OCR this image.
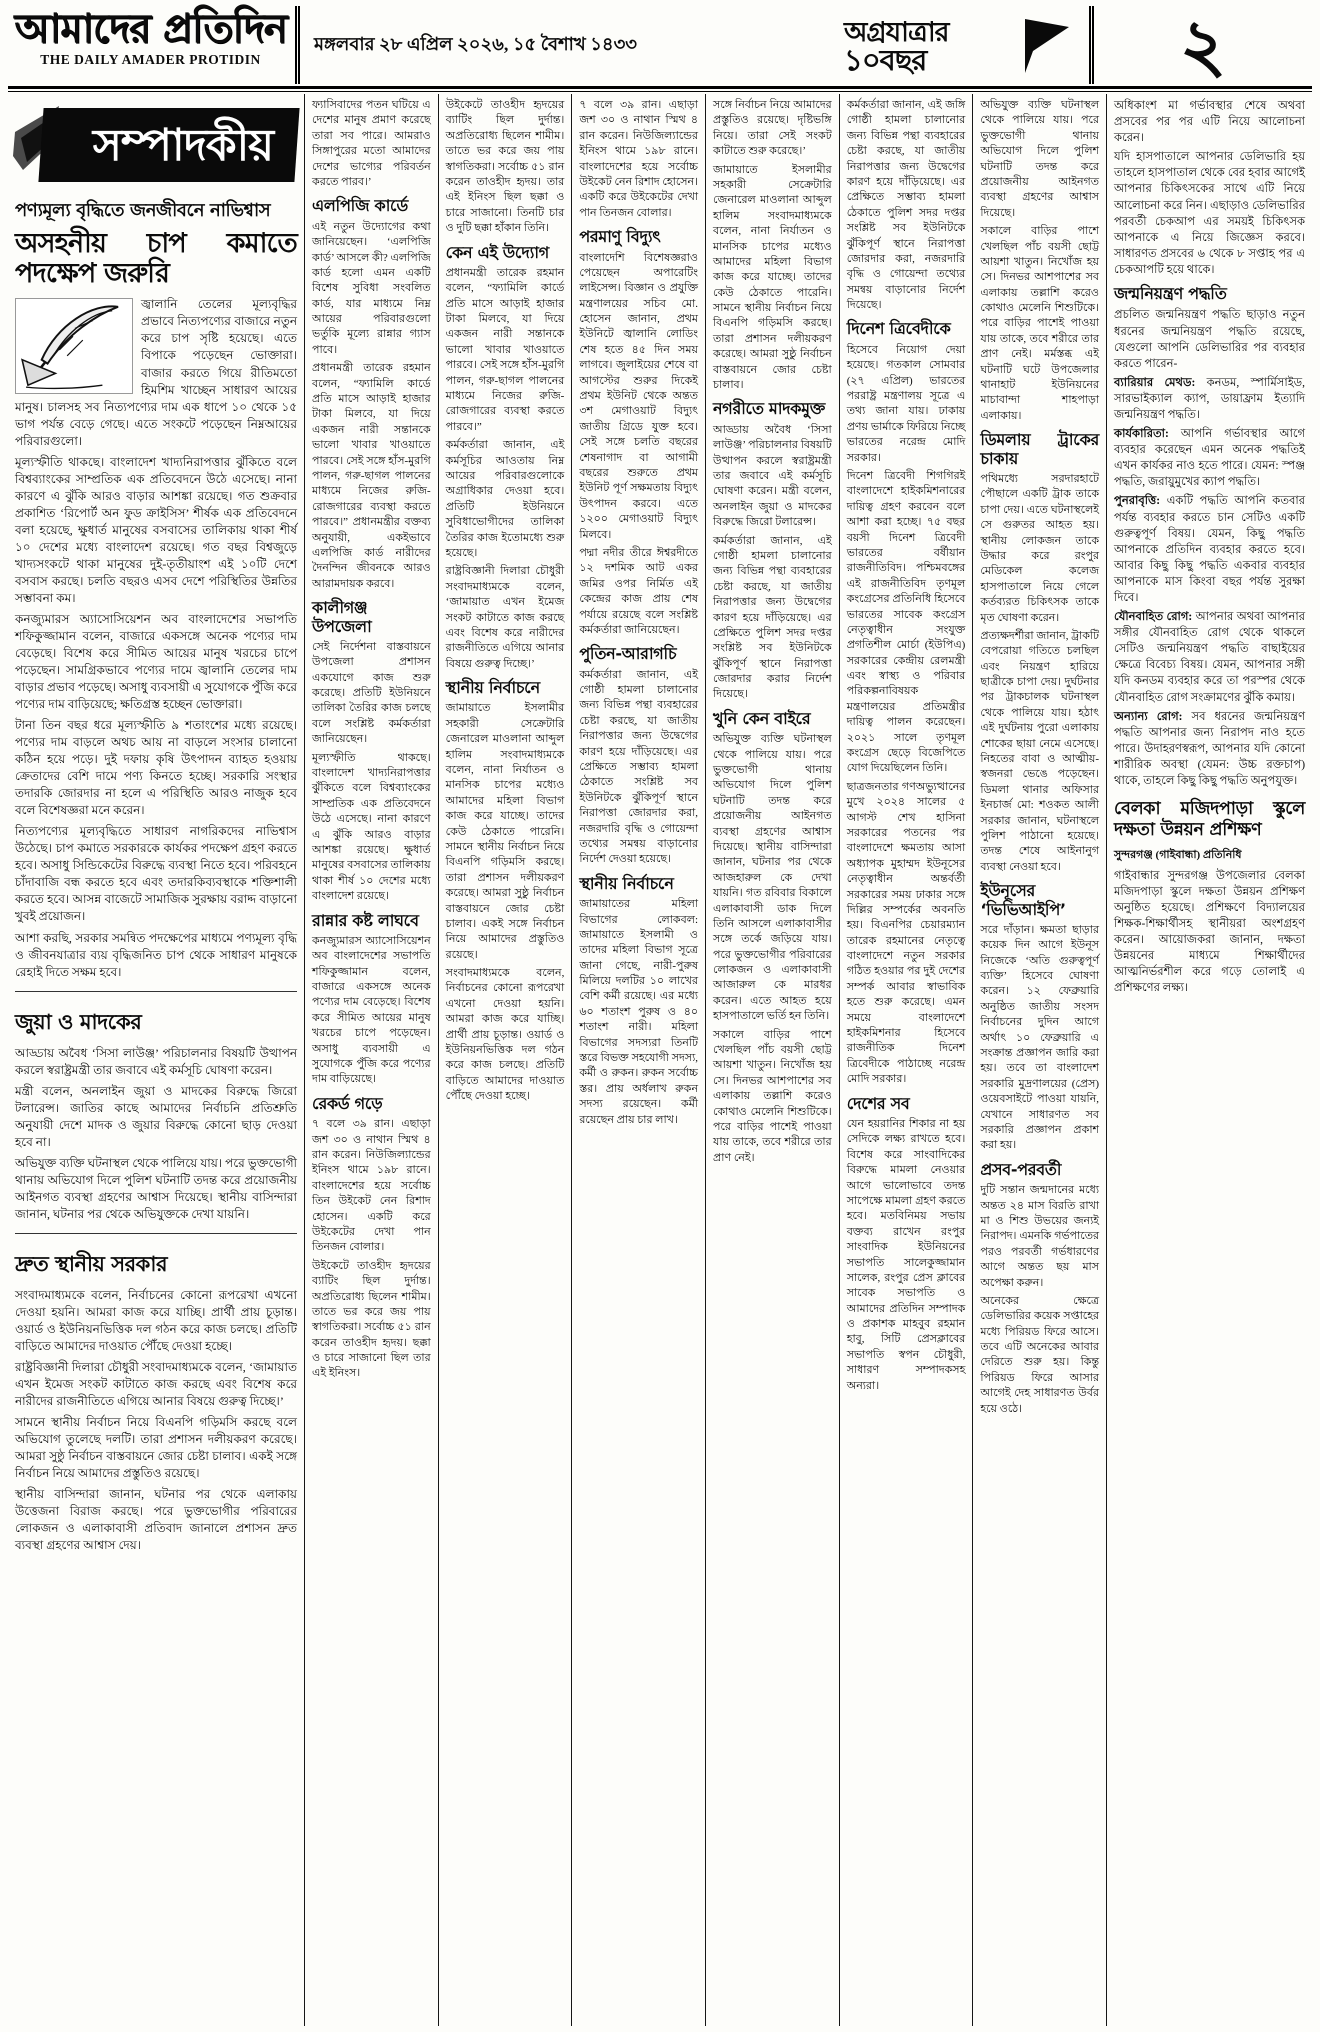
আমাদের প্রতিদিন
THE DAILY AMADER PROTIDIN
মঙ্গলবার ২৮ এপ্রিল ২০২৬, ১৫ বৈশাখ ১৪৩৩	অগ্রযাত্রার
১০বছর	২
সম্পাদকীয়
পণ্যমূল্য বৃদ্ধিতে জনজীবনে নাভিশ্বাস
অসহনীয় চাপ কমাতে পদক্ষেপ জরুরি

জ্বালানি তেলের মূল্যবৃদ্ধির প্রভাবে নিত্যপণ্যের বাজারে নতুন করে চাপ সৃষ্টি হয়েছে। এতে বিপাকে পড়েছেন ভোক্তারা। বাজার করতে গিয়ে রীতিমতো হিমশিম খাচ্ছেন সাধারণ আয়ের মানুষ। চালসহ সব নিত্যপণ্যের দাম এক ধাপে ১০ থেকে ১৫ ভাগ পর্যন্ত বেড়ে গেছে। এতে সংকটে পড়েছেন নিম্নআয়ের পরিবারগুলো।

মূল্যস্ফীতি থাকছে। বাংলাদেশ খাদ্যনিরাপত্তার ঝুঁকিতে বলে বিশ্বব্যাংকের সাম্প্রতিক এক প্রতিবেদনে উঠে এসেছে। নানা কারণে এ ঝুঁকি আরও বাড়ার আশঙ্কা রয়েছে। গত শুক্রবার প্রকাশিত ‘রিপোর্ট অন ফুড ক্রাইসিস’ শীর্ষক এক প্রতিবেদনে বলা হয়েছে, ক্ষুধার্ত মানুষের বসবাসের তালিকায় থাকা শীর্ষ ১০ দেশের মধ্যে বাংলাদেশ রয়েছে। গত বছর বিশ্বজুড়ে খাদ্যসংকটে থাকা মানুষের দুই-তৃতীয়াংশ এই ১০টি দেশে বসবাস করছে। চলতি বছরও এসব দেশে পরিস্থিতির উন্নতির সম্ভাবনা কম।

কনজ্যুমারস অ্যাসোসিয়েশন অব বাংলাদেশের সভাপতি শফিকুজ্জামান বলেন, বাজারে একসঙ্গে অনেক পণ্যের দাম বেড়েছে। বিশেষ করে সীমিত আয়ের মানুষ খরচের চাপে পড়েছেন। সামগ্রিকভাবে পণ্যের দামে জ্বালানি তেলের দাম বাড়ার প্রভাব পড়েছে। অসাধু ব্যবসায়ী এ সুযোগকে পুঁজি করে পণ্যের দাম বাড়িয়েছে; ক্ষতিগ্রস্ত হচ্ছেন ভোক্তারা।

টানা তিন বছর ধরে মূল্যস্ফীতি ৯ শতাংশের মধ্যে রয়েছে। পণ্যের দাম বাড়লে অথচ আয় না বাড়লে সংসার চালানো কঠিন হয়ে পড়ে। দুই দফায় কৃষি উৎপাদন ব্যাহত হওয়ায় ক্রেতাদের বেশি দামে পণ্য কিনতে হচ্ছে। সরকারি সংস্থার তদারকি জোরদার না হলে এ পরিস্থিতি আরও নাজুক হবে বলে বিশেষজ্ঞরা মনে করেন।

নিত্যপণ্যের মূল্যবৃদ্ধিতে সাধারণ নাগরিকদের নাভিশ্বাস উঠেছে। চাপ কমাতে সরকারকে কার্যকর পদক্ষেপ গ্রহণ করতে হবে। অসাধু সিন্ডিকেটের বিরুদ্ধে ব্যবস্থা নিতে হবে। পরিবহনে চাঁদাবাজি বন্ধ করতে হবে এবং তদারকিব্যবস্থাকে শক্তিশালী করতে হবে। আসন্ন বাজেটে সামাজিক সুরক্ষায় বরাদ্দ বাড়ানো খুবই প্রয়োজন।

আশা করছি, সরকার সমন্বিত পদক্ষেপের মাধ্যমে পণ্যমূল্য বৃদ্ধি ও জীবনযাত্রার ব্যয় বৃদ্ধিজনিত চাপ থেকে সাধারণ মানুষকে রেহাই দিতে সক্ষম হবে।

জুয়া ও মাদকের

আড্ডায় অবৈধ ‘সিসা লাউঞ্জ’ পরিচালনার বিষয়টি উত্থাপন করলে স্বরাষ্ট্রমন্ত্রী তার জবাবে এই কর্মসূচি ঘোষণা করেন।

মন্ত্রী বলেন, অনলাইন জুয়া ও মাদকের বিরুদ্ধে জিরো টলারেন্স। জাতির কাছে আমাদের নির্বাচনি প্রতিশ্রুতি অনুযায়ী দেশে মাদক ও জুয়ার বিরুদ্ধে কোনো ছাড় দেওয়া হবে না।

অভিযুক্ত ব্যক্তি ঘটনাস্থল থেকে পালিয়ে যায়। পরে ভুক্তভোগী থানায় অভিযোগ দিলে পুলিশ ঘটনাটি তদন্ত করে প্রয়োজনীয় আইনগত ব্যবস্থা গ্রহণের আশ্বাস দিয়েছে। স্থানীয় বাসিন্দারা জানান, ঘটনার পর থেকে অভিযুক্তকে দেখা যায়নি।

দ্রুত স্থানীয় সরকার

সংবাদমাধ্যমকে বলেন, নির্বাচনের কোনো রূপরেখা এখনো দেওয়া হয়নি। আমরা কাজ করে যাচ্ছি। প্রার্থী প্রায় চূড়ান্ত। ওয়ার্ড ও ইউনিয়নভিত্তিক দল গঠন করে কাজ চলছে। প্রতিটি বাড়িতে আমাদের দাওয়াত পৌঁছে দেওয়া হচ্ছে।

রাষ্ট্রবিজ্ঞানী দিলারা চৌধুরী সংবাদমাধ্যমকে বলেন, ‘জামায়াত এখন ইমেজ সংকট কাটাতে কাজ করছে এবং বিশেষ করে নারীদের রাজনীতিতে এগিয়ে আনার বিষয়ে গুরুত্ব দিচ্ছে।’

সামনে স্থানীয় নির্বাচন নিয়ে বিএনপি গড়িমসি করছে বলে অভিযোগ তুলেছে দলটি। তারা প্রশাসন দলীয়করণ করেছে। আমরা সুষ্ঠু নির্বাচন বাস্তবায়নে জোর চেষ্টা চালাব। একই সঙ্গে নির্বাচন নিয়ে আমাদের প্রস্তুতিও রয়েছে।

স্থানীয় বাসিন্দারা জানান, ঘটনার পর থেকে এলাকায় উত্তেজনা বিরাজ করছে। পরে ভুক্তভোগীর পরিবারের লোকজন ও এলাকাবাসী প্রতিবাদ জানালে প্রশাসন দ্রুত ব্যবস্থা গ্রহণের আশ্বাস দেয়।

ফ্যাসিবাদের পতন ঘটিয়ে এ দেশের মানুষ প্রমাণ করেছে তারা সব পারে। আমরাও সিঙ্গাপুরের মতো আমাদের দেশের ভাগ্যের পরিবর্তন করতে পারব।’

এলপিজি কার্ডে

এই নতুন উদ্যোগের কথা জানিয়েছেন। ‘এলপিজি কার্ড’ আসলে কী? এলপিজি কার্ড হলো এমন একটি বিশেষ সুবিধা সংবলিত কার্ড, যার মাধ্যমে নিম্ন আয়ের পরিবারগুলো ভর্তুকি মূল্যে রান্নার গ্যাস পাবে।

প্রধানমন্ত্রী তারেক রহমান বলেন, “ফ্যামিলি কার্ডে প্রতি মাসে আড়াই হাজার টাকা মিলবে, যা দিয়ে একজন নারী সন্তানকে ভালো খাবার খাওয়াতে পারবে। সেই সঙ্গে হাঁস-মুরগি পালন, গরু-ছাগল পালনের মাধ্যমে নিজের রুজি-রোজগারের ব্যবস্থা করতে পারবে।” প্রধানমন্ত্রীর বক্তব্য অনুযায়ী, একইভাবে এলপিজি কার্ড নারীদের দৈনন্দিন জীবনকে আরও আরামদায়ক করবে।

কালীগঞ্জ উপজেলা

সেই নির্দেশনা বাস্তবায়নে উপজেলা প্রশাসন একযোগে কাজ শুরু করেছে। প্রতিটি ইউনিয়নে তালিকা তৈরির কাজ চলছে বলে সংশ্লিষ্ট কর্মকর্তারা জানিয়েছেন।

মূল্যস্ফীতি থাকছে। বাংলাদেশ খাদ্যনিরাপত্তার ঝুঁকিতে বলে বিশ্বব্যাংকের সাম্প্রতিক এক প্রতিবেদনে উঠে এসেছে। নানা কারণে এ ঝুঁকি আরও বাড়ার আশঙ্কা রয়েছে। ক্ষুধার্ত মানুষের বসবাসের তালিকায় থাকা শীর্ষ ১০ দেশের মধ্যে বাংলাদেশ রয়েছে।

রান্নার কষ্ট লাঘবে

কনজ্যুমারস অ্যাসোসিয়েশন অব বাংলাদেশের সভাপতি শফিকুজ্জামান বলেন, বাজারে একসঙ্গে অনেক পণ্যের দাম বেড়েছে। বিশেষ করে সীমিত আয়ের মানুষ খরচের চাপে পড়েছেন। অসাধু ব্যবসায়ী এ সুযোগকে পুঁজি করে পণ্যের দাম বাড়িয়েছে।

রেকর্ড গড়ে

৭ বলে ৩৯ রান। এছাড়া জশ ৩০ ও নাথান স্মিথ ৪ রান করেন। নিউজিল্যান্ডের ইনিংস থামে ১৯৮ রানে। বাংলাদেশের হয়ে সর্বোচ্চ তিন উইকেট নেন রিশাদ হোসেন। একটি করে উইকেটের দেখা পান তিনজন বোলার।

উইকেটে তাওহীদ হৃদয়ের ব্যাটিং ছিল দুর্দান্ত। অপ্রতিরোধ্য ছিলেন শামীম। তাতে ভর করে জয় পায় স্বাগতিকরা। সর্বোচ্চ ৫১ রান করেন তাওহীদ হৃদয়। ছক্কা ও চারে সাজানো ছিল তার এই ইনিংস।

উইকেটে তাওহীদ হৃদয়ের ব্যাটিং ছিল দুর্দান্ত। অপ্রতিরোধ্য ছিলেন শামীম। তাতে ভর করে জয় পায় স্বাগতিকরা। সর্বোচ্চ ৫১ রান করেন তাওহীদ হৃদয়। তার এই ইনিংস ছিল ছক্কা ও চারে সাজানো। তিনটি চার ও দুটি ছক্কা হাঁকান তিনি।

কেন এই উদ্যোগ

প্রধানমন্ত্রী তারেক রহমান বলেন, “ফ্যামিলি কার্ডে প্রতি মাসে আড়াই হাজার টাকা মিলবে, যা দিয়ে একজন নারী সন্তানকে ভালো খাবার খাওয়াতে পারবে। সেই সঙ্গে হাঁস-মুরগি পালন, গরু-ছাগল পালনের মাধ্যমে নিজের রুজি-রোজগারের ব্যবস্থা করতে পারবে।”

কর্মকর্তারা জানান, এই কর্মসূচির আওতায় নিম্ন আয়ের পরিবারগুলোকে অগ্রাধিকার দেওয়া হবে। প্রতিটি ইউনিয়নে সুবিধাভোগীদের তালিকা তৈরির কাজ ইতোমধ্যে শুরু হয়েছে।

রাষ্ট্রবিজ্ঞানী দিলারা চৌধুরী সংবাদমাধ্যমকে বলেন, ‘জামায়াত এখন ইমেজ সংকট কাটাতে কাজ করছে এবং বিশেষ করে নারীদের রাজনীতিতে এগিয়ে আনার বিষয়ে গুরুত্ব দিচ্ছে।’

স্থানীয় নির্বাচনে

জামায়াতে ইসলামীর সহকারী সেক্রেটারি জেনারেল মাওলানা আব্দুল হালিম সংবাদমাধ্যমকে বলেন, নানা নির্যাতন ও মানসিক চাপের মধ্যেও আমাদের মহিলা বিভাগ কাজ করে যাচ্ছে। তাদের কেউ ঠেকাতে পারেনি। সামনে স্থানীয় নির্বাচন নিয়ে বিএনপি গড়িমসি করছে। তারা প্রশাসন দলীয়করণ করেছে। আমরা সুষ্ঠু নির্বাচন বাস্তবায়নে জোর চেষ্টা চালাব। একই সঙ্গে নির্বাচন নিয়ে আমাদের প্রস্তুতিও রয়েছে।

সংবাদমাধ্যমকে বলেন, নির্বাচনের কোনো রূপরেখা এখনো দেওয়া হয়নি। আমরা কাজ করে যাচ্ছি। প্রার্থী প্রায় চূড়ান্ত। ওয়ার্ড ও ইউনিয়নভিত্তিক দল গঠন করে কাজ চলছে। প্রতিটি বাড়িতে আমাদের দাওয়াত পৌঁছে দেওয়া হচ্ছে।

৭ বলে ৩৯ রান। এছাড়া জশ ৩০ ও নাথান স্মিথ ৪ রান করেন। নিউজিল্যান্ডের ইনিংস থামে ১৯৮ রানে। বাংলাদেশের হয়ে সর্বোচ্চ উইকেট নেন রিশাদ হোসেন। একটি করে উইকেটের দেখা পান তিনজন বোলার।

পরমাণু বিদ্যুৎ

বাংলাদেশি বিশেষজ্ঞরাও পেয়েছেন অপারেটিং লাইসেন্স। বিজ্ঞান ও প্রযুক্তি মন্ত্রণালয়ের সচিব মো. হোসেন জানান, প্রথম ইউনিটে জ্বালানি লোডিং শেষ হতে ৪৫ দিন সময় লাগবে। জুলাইয়ের শেষে বা আগস্টের শুরুর দিকেই প্রথম ইউনিট থেকে অন্তত ৩শ মেগাওয়াট বিদ্যুৎ জাতীয় গ্রিডে যুক্ত হবে। সেই সঙ্গে চলতি বছরের শেষনাগাদ বা আগামী বছরের শুরুতে প্রথম ইউনিট পূর্ণ সক্ষমতায় বিদ্যুৎ উৎপাদন করবে। এতে ১২০০ মেগাওয়াট বিদ্যুৎ মিলবে।

পদ্মা নদীর তীরে ঈশ্বরদীতে ১২ দশমিক আট একর জমির ওপর নির্মিত এই কেন্দ্রের কাজ প্রায় শেষ পর্যায়ে রয়েছে বলে সংশ্লিষ্ট কর্মকর্তারা জানিয়েছেন।

পুতিন-আরাগচি

কর্মকর্তারা জানান, এই গোষ্ঠী হামলা চালানোর জন্য বিভিন্ন পন্থা ব্যবহারের চেষ্টা করছে, যা জাতীয় নিরাপত্তার জন্য উদ্বেগের কারণ হয়ে দাঁড়িয়েছে। এর প্রেক্ষিতে সম্ভাব্য হামলা ঠেকাতে সংশ্লিষ্ট সব ইউনিটকে ঝুঁকিপূর্ণ স্থানে নিরাপত্তা জোরদার করা, নজরদারি বৃদ্ধি ও গোয়েন্দা তথ্যের সমন্বয় বাড়ানোর নির্দেশ দেওয়া হয়েছে।

স্থানীয় নির্বাচনে

জামায়াতের মহিলা বিভাগের লোকবল: জামায়াতে ইসলামী ও তাদের মহিলা বিভাগ সূত্রে জানা গেছে, নারী-পুরুষ মিলিয়ে দলটির ১০ লাখের বেশি কর্মী রয়েছে। এর মধ্যে ৬০ শতাংশ পুরুষ ও ৪০ শতাংশ নারী। মহিলা বিভাগের সদস্যরা তিনটি স্তরে বিভক্ত সহযোগী সদস্য, কর্মী ও রুকন। রুকন সর্বোচ্চ স্তর। প্রায় অর্ধলাখ রুকন সদস্য রয়েছেন। কর্মী রয়েছেন প্রায় চার লাখ।

সঙ্গে নির্বাচন নিয়ে আমাদের প্রস্তুতিও রয়েছে। দৃষ্টিভঙ্গি নিয়ে। তারা সেই সংকট কাটাতে শুরু করেছে।’

জামায়াতে ইসলামীর সহকারী সেক্রেটারি জেনারেল মাওলানা আব্দুল হালিম সংবাদমাধ্যমকে বলেন, নানা নির্যাতন ও মানসিক চাপের মধ্যেও আমাদের মহিলা বিভাগ কাজ করে যাচ্ছে। তাদের কেউ ঠেকাতে পারেনি। সামনে স্থানীয় নির্বাচন নিয়ে বিএনপি গড়িমসি করছে। তারা প্রশাসন দলীয়করণ করেছে। আমরা সুষ্ঠু নির্বাচন বাস্তবায়নে জোর চেষ্টা চালাব।

নগরীতে মাদকমুক্ত

আড্ডায় অবৈধ ‘সিসা লাউঞ্জ’ পরিচালনার বিষয়টি উত্থাপন করলে স্বরাষ্ট্রমন্ত্রী তার জবাবে এই কর্মসূচি ঘোষণা করেন। মন্ত্রী বলেন, অনলাইন জুয়া ও মাদকের বিরুদ্ধে জিরো টলারেন্স।

কর্মকর্তারা জানান, এই গোষ্ঠী হামলা চালানোর জন্য বিভিন্ন পন্থা ব্যবহারের চেষ্টা করছে, যা জাতীয় নিরাপত্তার জন্য উদ্বেগের কারণ হয়ে দাঁড়িয়েছে। এর প্রেক্ষিতে পুলিশ সদর দপ্তর সংশ্লিষ্ট সব ইউনিটকে ঝুঁকিপূর্ণ স্থানে নিরাপত্তা জোরদার করার নির্দেশ দিয়েছে।

খুনি কেন বাইরে

অভিযুক্ত ব্যক্তি ঘটনাস্থল থেকে পালিয়ে যায়। পরে ভুক্তভোগী থানায় অভিযোগ দিলে পুলিশ ঘটনাটি তদন্ত করে প্রয়োজনীয় আইনগত ব্যবস্থা গ্রহণের আশ্বাস দিয়েছে। স্থানীয় বাসিন্দারা জানান, ঘটনার পর থেকে আজহারুল কে দেখা যায়নি। গত রবিবার বিকালে এলাকাবাসী ডাক দিলে তিনি আসলে এলাকাবাসীর সঙ্গে তর্কে জড়িয়ে যায়। পরে ভুক্তভোগীর পরিবারের লোকজন ও এলাকাবাসী আজারুল কে মারধর করেন। এতে আহত হয়ে হাসপাতালে ভর্তি হন তিনি।

সকালে বাড়ির পাশে খেলছিল পাঁচ বয়সী ছোট্ট আয়শা খাতুন। নিখোঁজ হয় সে। দিনভর আশপাশের সব এলাকায় তল্লাশি করেও কোথাও মেলেনি শিশুটিকে। পরে বাড়ির পাশেই পাওয়া যায় তাকে, তবে শরীরে তার প্রাণ নেই।

কর্মকর্তারা জানান, এই জঙ্গি গোষ্ঠী হামলা চালানোর জন্য বিভিন্ন পন্থা ব্যবহারের চেষ্টা করছে, যা জাতীয় নিরাপত্তার জন্য উদ্বেগের কারণ হয়ে দাঁড়িয়েছে। এর প্রেক্ষিতে সম্ভাব্য হামলা ঠেকাতে পুলিশ সদর দপ্তর সংশ্লিষ্ট সব ইউনিটকে ঝুঁকিপূর্ণ স্থানে নিরাপত্তা জোরদার করা, নজরদারি বৃদ্ধি ও গোয়েন্দা তথ্যের সমন্বয় বাড়ানোর নির্দেশ দিয়েছে।

দিনেশ ত্রিবেদীকে

হিসেবে নিয়োগ দেয়া হয়েছে। গতকাল সোমবার (২৭ এপ্রিল) ভারতের পররাষ্ট্র মন্ত্রণালয় সূত্রে এ তথ্য জানা যায়। ঢাকায় প্রণয় ভার্মাকে ফিরিয়ে নিচ্ছে ভারতের নরেন্দ্র মোদি সরকার।

দিনেশ ত্রিবেদী শিগগিরই বাংলাদেশে হাইকমিশনারের দায়িত্ব গ্রহণ করবেন বলে আশা করা হচ্ছে। ৭৫ বছর বয়সী দিনেশ ত্রিবেদী ভারতের বর্ষীয়ান রাজনীতিবিদ। পশ্চিমবঙ্গের এই রাজনীতিবিদ তৃণমূল কংগ্রেসের প্রতিনিধি হিসেবে ভারতের সাবেক কংগ্রেস নেতৃত্বাধীন সংযুক্ত প্রগতিশীল মোর্চা (ইউপিএ) সরকারের কেন্দ্রীয় রেলমন্ত্রী এবং স্বাস্থ্য ও পরিবার পরিকল্পনাবিষয়ক মন্ত্রণালয়ের প্রতিমন্ত্রীর দায়িত্ব পালন করেছেন। ২০২১ সালে তৃণমূল কংগ্রেস ছেড়ে বিজেপিতে যোগ দিয়েছিলেন তিনি।

ছাত্রজনতার গণঅভ্যুত্থানের মুখে ২০২৪ সালের ৫ আগস্ট শেখ হাসিনা সরকারের পতনের পর বাংলাদেশে ক্ষমতায় আসা অধ্যাপক মুহাম্মদ ইউনূসের নেতৃত্বাধীন অন্তর্বর্তী সরকারের সময় ঢাকার সঙ্গে দিল্লির সম্পর্কের অবনতি হয়। বিএনপির চেয়ারম্যান তারেক রহমানের নেতৃত্বে বাংলাদেশে নতুন সরকার গঠিত হওয়ার পর দুই দেশের সম্পর্ক আবার স্বাভাবিক হতে শুরু করেছে। এমন সময়ে বাংলাদেশে হাইকমিশনার হিসেবে রাজনীতিক দিনেশ ত্রিবেদীকে পাঠাচ্ছে নরেন্দ্র মোদি সরকার।

দেশের সব

যেন হয়রানির শিকার না হয় সেদিকে লক্ষ্য রাখতে হবে। বিশেষ করে সাংবাদিকের বিরুদ্ধে মামলা নেওয়ার আগে ভালোভাবে তদন্ত সাপেক্ষে মামলা গ্রহণ করতে হবে। মতবিনিময় সভায় বক্তব্য রাখেন রংপুর সাংবাদিক ইউনিয়নের সভাপতি সালেকুজ্জামান সালেক, রংপুর প্রেস ক্লাবের সাবেক সভাপতি ও আমাদের প্রতিদিন সম্পাদক ও প্রকাশক মাহবুব রহমান হাবু, সিটি প্রেসক্লাবের সভাপতি স্বপন চৌধুরী, সাধারণ সম্পাদকসহ অন্যরা।

অভিযুক্ত ব্যক্তি ঘটনাস্থল থেকে পালিয়ে যায়। পরে ভুক্তভোগী থানায় অভিযোগ দিলে পুলিশ ঘটনাটি তদন্ত করে প্রয়োজনীয় আইনগত ব্যবস্থা গ্রহণের আশ্বাস দিয়েছে।

সকালে বাড়ির পাশে খেলছিল পাঁচ বয়সী ছোট্ট আয়শা খাতুন। নিখোঁজ হয় সে। দিনভর আশপাশের সব এলাকায় তল্লাশি করেও কোথাও মেলেনি শিশুটিকে। পরে বাড়ির পাশেই পাওয়া যায় তাকে, তবে শরীরে তার প্রাণ নেই। মর্মস্তব্ধ এই ঘটনাটি ঘটে উপজেলার থানাহাট ইউনিয়নের মাচাবান্দা শাহপাড়া এলাকায়।

ডিমলায় ট্রাকের চাকায়

পথিমধ্যে সরদারহাটে পৌছালে একটি ট্রাক তাকে চাপা দেয়। এতে ঘটনাস্থলেই সে গুরুতর আহত হয়। স্থানীয় লোকজন তাকে উদ্ধার করে রংপুর মেডিকেল কলেজ হাসপাতালে নিয়ে গেলে কর্তব্যরত চিকিৎসক তাকে মৃত ঘোষণা করেন।

প্রত্যক্ষদর্শীরা জানান, ট্রাকটি বেপরোয়া গতিতে চলছিল এবং নিয়ন্ত্রণ হারিয়ে ছাত্রীকে চাপা দেয়। দুর্ঘটনার পর ট্রাকচালক ঘটনাস্থল থেকে পালিয়ে যায়। হঠাৎ এই দুর্ঘটনায় পুরো এলাকায় শোকের ছায়া নেমে এসেছে। নিহতের বাবা ও আত্মীয়-স্বজনরা ভেঙে পড়েছেন। ডিমলা থানার অফিসার ইনচার্জ মো: শওকত আলী সরকার জানান, ঘটনাস্থলে পুলিশ পাঠানো হয়েছে। তদন্ত শেষে আইনানুগ ব্যবস্থা নেওয়া হবে।

ইউনূসের ‘ভিভিআইপি’

সরে দাঁড়ান। ক্ষমতা ছাড়ার কয়েক দিন আগে ইউনূস নিজেকে ‘অতি গুরুত্বপূর্ণ ব্যক্তি’ হিসেবে ঘোষণা করেন। ১২ ফেব্রুয়ারি অনুষ্ঠিত জাতীয় সংসদ নির্বাচনের দুদিন আগে অর্থাৎ ১০ ফেব্রুয়ারি এ সংক্রান্ত প্রজ্ঞাপন জারি করা হয়। তবে তা বাংলাদেশ সরকারি মুদ্রণালয়ের (প্রেস) ওয়েবসাইটে পাওয়া যায়নি, যেখানে সাধারণত সব সরকারি প্রজ্ঞাপন প্রকাশ করা হয়।

প্রসব-পরবর্তী

দুটি সন্তান জন্মদানের মধ্যে অন্তত ২৪ মাস বিরতি রাখা মা ও শিশু উভয়ের জন্যই নিরাপদ। এমনকি গর্ভপাতের পরও পরবর্তী গর্ভধারণের আগে অন্তত ছয় মাস অপেক্ষা করুন।

অনেকের ক্ষেত্রে ডেলিভারির কয়েক সপ্তাহের মধ্যে পিরিয়ড ফিরে আসে। তবে এটি অনেকের আবার দেরিতে শুরু হয়। কিন্তু পিরিয়ড ফিরে আসার আগেই দেহ সাধারণত উর্বর হয়ে ওঠে।

অধিকাংশ মা গর্ভাবস্থার শেষে অথবা প্রসবের পর পর এটি নিয়ে আলোচনা করেন।

যদি হাসপাতালে আপনার ডেলিভারি হয় তাহলে হাসপাতাল থেকে বের হবার আগেই আপনার চিকিৎসকের সাথে এটি নিয়ে আলোচনা করে নিন। এছাড়াও ডেলিভারির পরবর্তী চেকআপ এর সময়ই চিকিৎসক আপনাকে এ নিয়ে জিজ্ঞেস করবে। সাধারণত প্রসবের ৬ থেকে ৮ সপ্তাহ পর এ চেকআপটি হয়ে থাকে।

জন্মনিয়ন্ত্রণ পদ্ধতি

প্রচলিত জন্মনিয়ন্ত্রণ পদ্ধতি ছাড়াও নতুন ধরনের জন্মনিয়ন্ত্রণ পদ্ধতি রয়েছে, যেগুলো আপনি ডেলিভারির পর ব্যবহার করতে পারেন-

ব্যারিয়ার মেথড: কনডম, স্পার্মিসাইড, সারভাইক্যাল ক্যাপ, ডায়াফ্রাম ইত্যাদি জন্মনিয়ন্ত্রণ পদ্ধতি।

কার্যকারিতা: আপনি গর্ভাবস্থার আগে ব্যবহার করেছেন এমন অনেক পদ্ধতিই এখন কার্যকর নাও হতে পারে। যেমন: স্পঞ্জ পদ্ধতি, জরায়ুমুখের ক্যাপ পদ্ধতি।

পুনরাবৃত্তি: একটি পদ্ধতি আপনি কতবার পর্যন্ত ব্যবহার করতে চান সেটিও একটি গুরুত্বপূর্ণ বিষয়। যেমন, কিছু পদ্ধতি আপনাকে প্রতিদিন ব্যবহার করতে হবে। আবার কিছু কিছু পদ্ধতি একবার ব্যবহার আপনাকে মাস কিংবা বছর পর্যন্ত সুরক্ষা দিবে।

যৌনবাহিত রোগ: আপনার অথবা আপনার সঙ্গীর যৌনবাহিত রোগ থেকে থাকলে সেটিও জন্মনিয়ন্ত্রণ পদ্ধতি বাছাইয়ের ক্ষেত্রে বিবেচ্য বিষয়। যেমন, আপনার সঙ্গী যদি কনডম ব্যবহার করে তা পরস্পর থেকে যৌনবাহিত রোগ সংক্রামণের ঝুঁকি কমায়।

অন্যান্য রোগ: সব ধরনের জন্মনিয়ন্ত্রণ পদ্ধতি আপনার জন্য নিরাপদ নাও হতে পারে। উদাহরণস্বরূপ, আপনার যদি কোনো শারীরিক অবস্থা (যেমন: উচ্চ রক্তচাপ) থাকে, তাহলে কিছু কিছু পদ্ধতি অনুপযুক্ত।

বেলকা মজিদপাড়া স্কুলে দক্ষতা উন্নয়ন প্রশিক্ষণ
সুন্দরগঞ্জ (গাইবান্ধা) প্রতিনিধি

গাইবান্ধার সুন্দরগঞ্জ উপজেলার বেলকা মজিদপাড়া স্কুলে দক্ষতা উন্নয়ন প্রশিক্ষণ অনুষ্ঠিত হয়েছে। প্রশিক্ষণে বিদ্যালয়ের শিক্ষক-শিক্ষার্থীসহ স্থানীয়রা অংশগ্রহণ করেন। আয়োজকরা জানান, দক্ষতা উন্নয়নের মাধ্যমে শিক্ষার্থীদের আত্মনির্ভরশীল করে গড়ে তোলাই এ প্রশিক্ষণের লক্ষ্য।
